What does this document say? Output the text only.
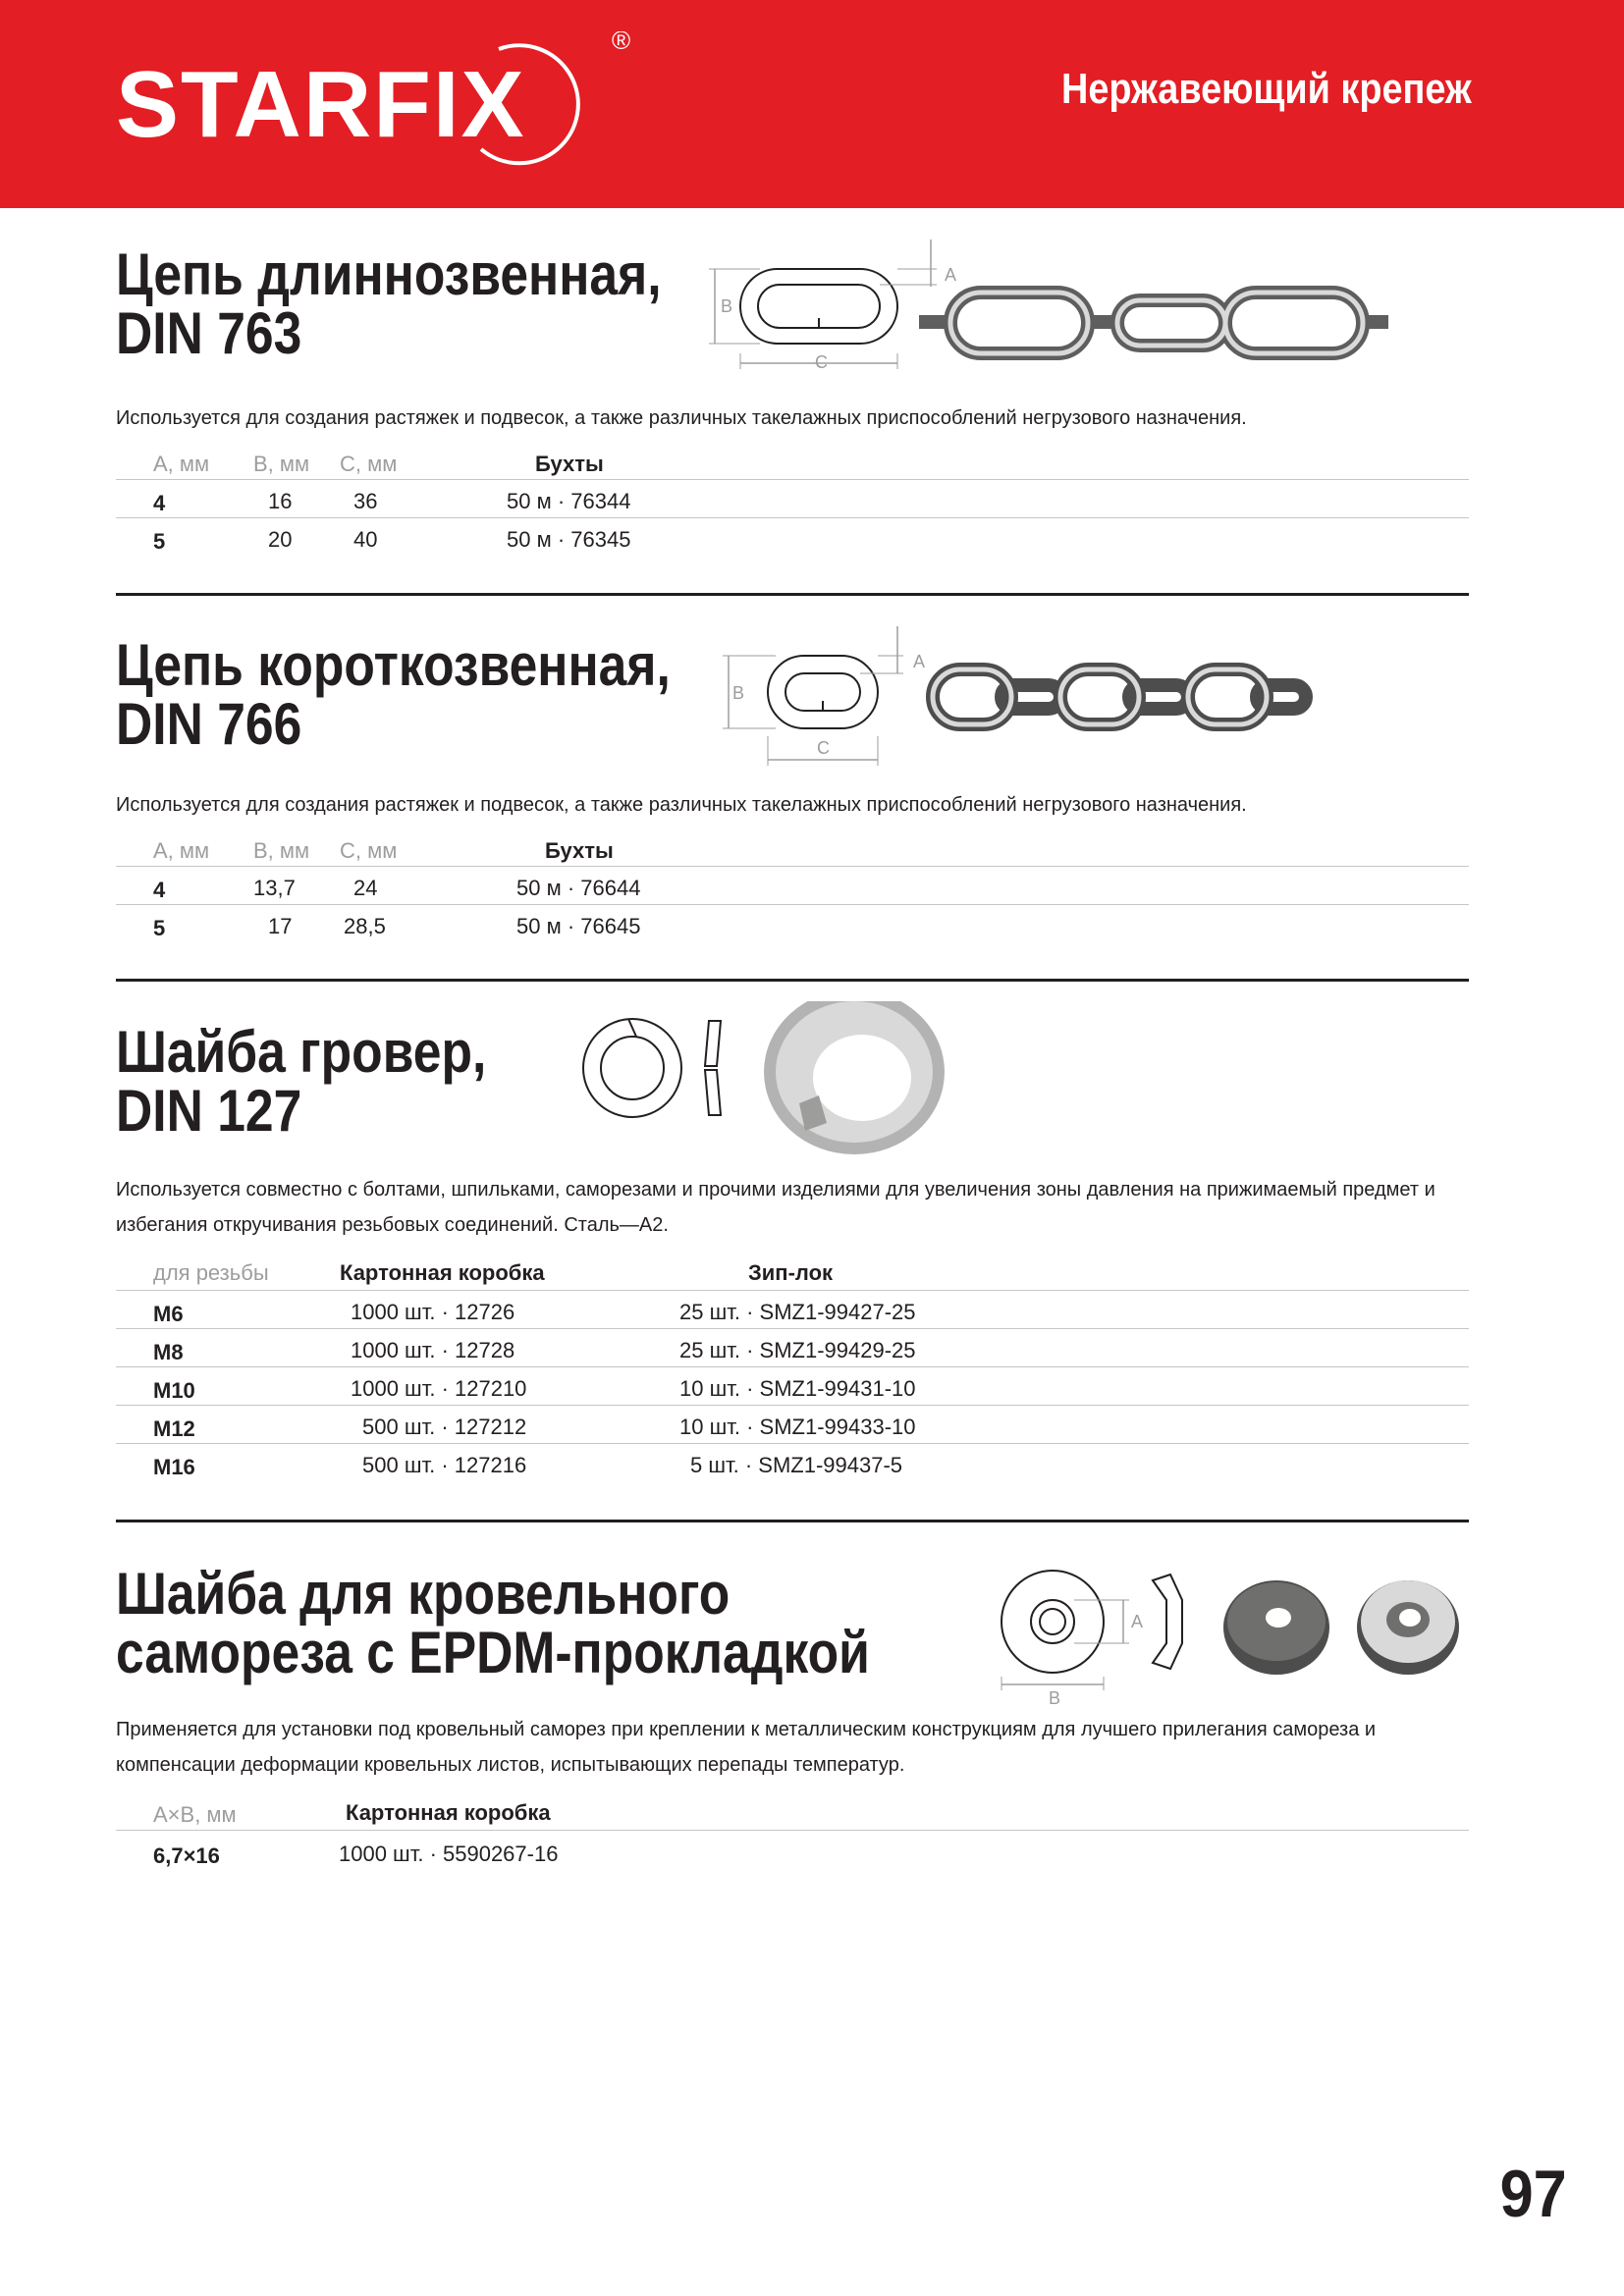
STARFIX
®
Нержавеющий крепеж
Цепь длиннозвенная,
DIN 763	B
C
A
Используется для создания растяжек и подвесок, а также различных такелажных приспособлений негрузового назначения.
А, мм В, мм С, мм	Бухты
4	16	36	50 м · 76344
5	20	40	50 м · 76345
Цепь короткозвенная,
DIN 766	B
C
A
Используется для создания растяжек и подвесок, а также различных такелажных приспособлений негрузового назначения.
А, мм В, мм С, мм	Бухты
4	13,7	24	50 м · 76644
5	17 28,5	50 м · 76645
Шайба гровер,
DIN 127
Используется совместно с болтами, шпильками, саморезами и прочими изделиями для увеличения зоны давления на прижимаемый предмет и
избегания откручивания резьбовых соединений. Сталь—A2.
для резьбы	Картонная коробка	Зип-лок
M6	1000 шт. · 12726	25 шт. · SMZ1-99427-25
M8	1000 шт. · 12728	25 шт. · SMZ1-99429-25
M10	1000 шт. · 127210	10 шт. · SMZ1-99431-10
M12	500 шт. · 127212	10 шт. · SMZ1-99433-10
M16	500 шт. · 127216	5 шт. · SMZ1-99437-5
Шайба для кровельного
самореза с EPDM-прокладкой
B
A
Применяется для установки под кровельный саморез при креплении к металлическим конструкциям для лучшего прилегания самореза и
компенсации деформации кровельных листов, испытывающих перепады температур.
A×B, мм	Картонная коробка
6,7×16	1000 шт. · 5590267-16
97
